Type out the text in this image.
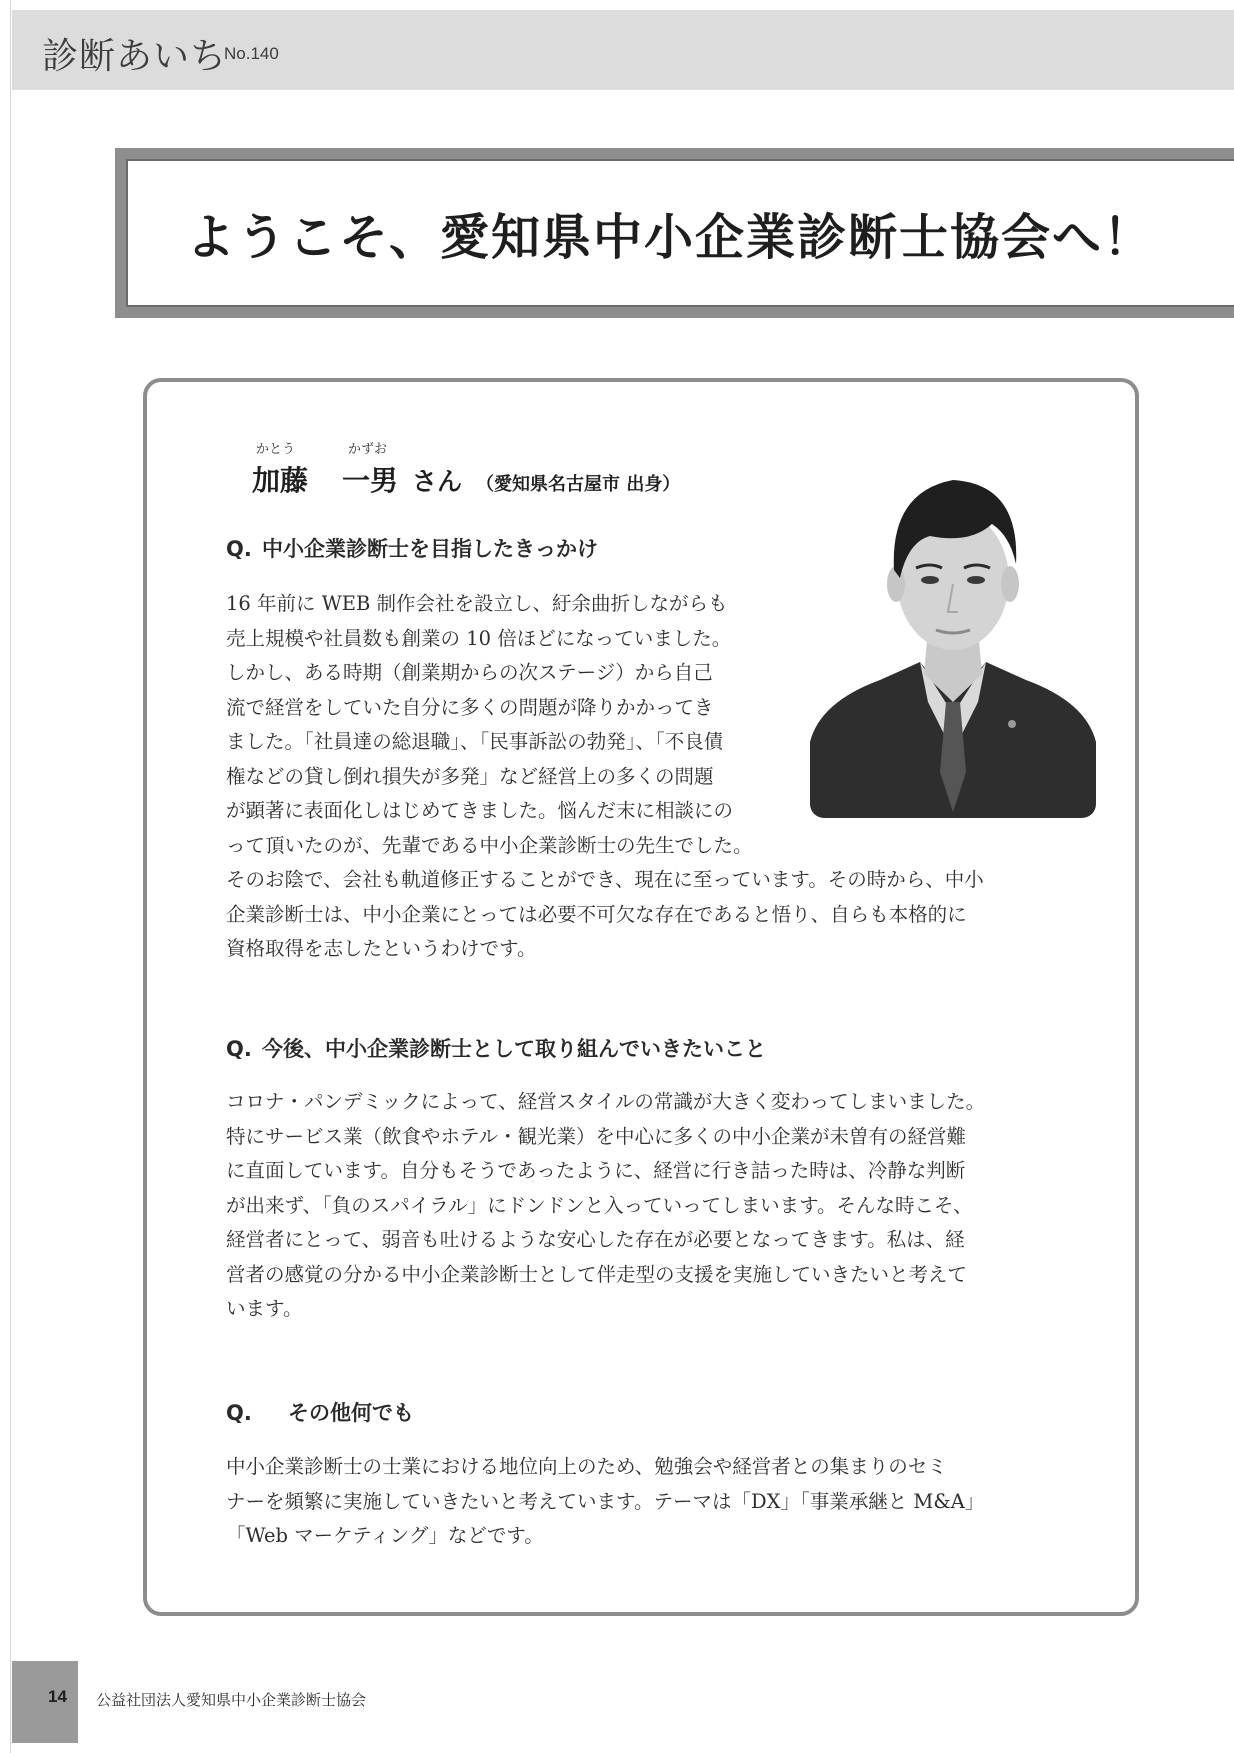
診断あいち
No.140
ようこそ、愛知県中小企業診断士協会へ！
かとう	かずお
加藤 一男 さん （愛知県名古屋市 出身）
Q. 中小企業診断士を目指したきっかけ
16 年前に WEB 制作会社を設立し、紆余曲折しながらも
売上規模や社員数も創業の 10 倍ほどになっていました。
しかし、ある時期（創業期からの次ステージ）から自己
流で経営をしていた自分に多くの問題が降りかかってき
ました。「社員達の総退職」、「民事訴訟の勃発」、「不良債
権などの貸し倒れ損失が多発」など経営上の多くの問題
が顕著に表面化しはじめてきました。悩んだ末に相談にの
って頂いたのが、先輩である中小企業診断士の先生でした。
そのお陰で、会社も軌道修正することができ、現在に至っています。その時から、中小
企業診断士は、中小企業にとっては必要不可欠な存在であると悟り、自らも本格的に
資格取得を志したというわけです。
Q. 今後、中小企業診断士として取り組んでいきたいこと
コロナ・パンデミックによって、経営スタイルの常識が大きく変わってしまいました。
特にサービス業（飲食やホテル・観光業）を中心に多くの中小企業が未曽有の経営難
に直面しています。自分もそうであったように、経営に行き詰った時は、冷静な判断
が出来ず、「負のスパイラル」にドンドンと入っていってしまいます。そんな時こそ、
経営者にとって、弱音も吐けるような安心した存在が必要となってきます。私は、経
営者の感覚の分かる中小企業診断士として伴走型の支援を実施していきたいと考えて
います。
Q. その他何でも
中小企業診断士の士業における地位向上のため、勉強会や経営者との集まりのセミ
ナーを頻繁に実施していきたいと考えています。テーマは「DX」「事業承継と M&A」
「Web マーケティング」などです。
14 公益社団法人愛知県中小企業診断士協会
